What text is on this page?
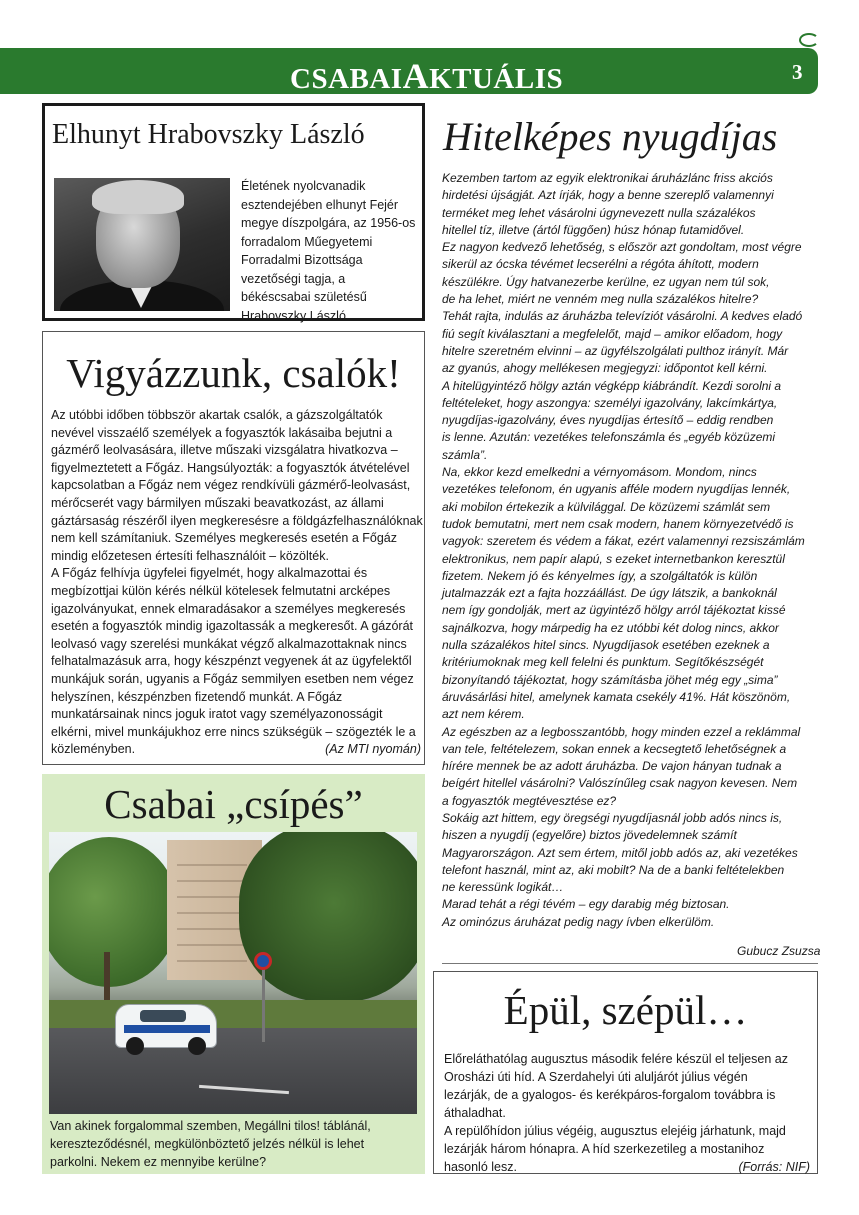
CSABAIAKTUÁLIS	3
Elhunyt Hrabovszky László
Életének nyolcvanadik
esztendejében elhunyt Fejér
megye díszpolgára, az 1956-os
forradalom Műegyetemi
Forradalmi Bizottsága
vezetőségi tagja, a
békéscsabai születésű
Hrabovszky László.
Vigyázzunk, csalók!
Az utóbbi időben többször akartak csalók, a gázszolgáltatók
nevével visszaélő személyek a fogyasztók lakásaiba bejutni a
gázmérő leolvasására, illetve műszaki vizsgálatra hivatkozva –
figyelmeztetett a Főgáz. Hangsúlyozták: a fogyasztók átvételével
kapcsolatban a Főgáz nem végez rendkívüli gázmérő-leolvasást,
mérőcserét vagy bármilyen műszaki beavatkozást, az állami
gáztársaság részéről ilyen megkeresésre a földgázfelhasználóknak
nem kell számítaniuk. Személyes megkeresés esetén a Főgáz
mindig előzetesen értesíti felhasználóit – közölték.
A Főgáz felhívja ügyfelei figyelmét, hogy alkalmazottai és
megbízottjai külön kérés nélkül kötelesek felmutatni arcképes
igazolványukat, ennek elmaradásakor a személyes megkeresés
esetén a fogyasztók mindig igazoltassák a megkeresőt. A gázórát
leolvasó vagy szerelési munkákat végző alkalmazottaknak nincs
felhatalmazásuk arra, hogy készpénzt vegyenek át az ügyfelektől
munkájuk során, ugyanis a Főgáz semmilyen esetben nem végez
helyszínen, készpénzben fizetendő munkát. A Főgáz
munkatársainak nincs joguk iratot vagy személyazonosságit
elkérni, mivel munkájukhoz erre nincs szükségük – szögezték le a
közleményben.	(Az MTI nyomán)
Csabai „csípés”
Van akinek forgalommal szemben, Megállni tilos! táblánál,
kereszteződésnél, megkülönböztető jelzés nélkül is lehet
parkolni. Nekem ez mennyibe kerülne?
Hitelképes nyugdíjas
Kezemben tartom az egyik elektronikai áruházlánc friss akciós
hirdetési újságját. Azt írják, hogy a benne szereplő valamennyi
terméket meg lehet vásárolni úgynevezett nulla százalékos
hitellel tíz, illetve (ártól függően) húsz hónap futamidővel.
Ez nagyon kedvező lehetőség, s először azt gondoltam, most végre
sikerül az ócska tévémet lecserélni a régóta áhított, modern
készülékre. Úgy hatvanezerbe kerülne, ez ugyan nem túl sok,
de ha lehet, miért ne venném meg nulla százalékos hitelre?
Tehát rajta, indulás az áruházba televíziót vásárolni. A kedves eladó
fiú segít kiválasztani a megfelelőt, majd – amikor előadom, hogy
hitelre szeretném elvinni – az ügyfélszolgálati pulthoz irányít. Már
az gyanús, ahogy mellékesen megjegyzi: időpontot kell kérni.
A hitelügyintéző hölgy aztán végképp kiábrándít. Kezdi sorolni a
feltételeket, hogy aszongya: személyi igazolvány, lakcímkártya,
nyugdíjas-igazolvány, éves nyugdíjas értesítő – eddig rendben
is lenne. Azután: vezetékes telefonszámla és „egyéb közüzemi
számla”.
Na, ekkor kezd emelkedni a vérnyomásom. Mondom, nincs
vezetékes telefonom, én ugyanis afféle modern nyugdíjas lennék,
aki mobilon értekezik a külvilággal. De közüzemi számlát sem
tudok bemutatni, mert nem csak modern, hanem környezetvédő is
vagyok: szeretem és védem a fákat, ezért valamennyi rezsiszámlám
elektronikus, nem papír alapú, s ezeket internetbankon keresztül
fizetem. Nekem jó és kényelmes így, a szolgáltatók is külön
jutalmazzák ezt a fajta hozzáállást. De úgy látszik, a bankoknál
nem így gondolják, mert az ügyintéző hölgy arról tájékoztat kissé
sajnálkozva, hogy márpedig ha ez utóbbi két dolog nincs, akkor
nulla százalékos hitel sincs. Nyugdíjasok esetében ezeknek a
kritériumoknak meg kell felelni és punktum. Segítőkészségét
bizonyítandó tájékoztat, hogy számításba jöhet még egy „sima”
áruvásárlási hitel, amelynek kamata csekély 41%. Hát köszönöm,
azt nem kérem.
Az egészben az a legbosszantóbb, hogy minden ezzel a reklámmal
van tele, feltételezem, sokan ennek a kecsegtető lehetőségnek a
hírére mennek be az adott áruházba. De vajon hányan tudnak a
beígért hitellel vásárolni? Valószínűleg csak nagyon kevesen. Nem
a fogyasztók megtévesztése ez?
Sokáig azt hittem, egy öregségi nyugdíjasnál jobb adós nincs is,
hiszen a nyugdíj (egyelőre) biztos jövedelemnek számít
Magyarországon. Azt sem értem, mitől jobb adós az, aki vezetékes
telefont használ, mint az, aki mobilt? Na de a banki feltételekben
ne keressünk logikát…
Marad tehát a régi tévém – egy darabig még biztosan.
Az ominózus áruházat pedig nagy ívben elkerülöm.
Gubucz Zsuzsa
Épül, szépül…
Előreláthatólag augusztus második felére készül el teljesen az
Orosházi úti híd. A Szerdahelyi úti aluljárót július végén
lezárják, de a gyalogos- és kerékpáros-forgalom továbbra is
áthaladhat.
A repülőhídon július végéig, augusztus elejéig járhatunk, majd
lezárják három hónapra. A híd szerkezetileg a mostanihoz
hasonló lesz.	(Forrás: NIF)
